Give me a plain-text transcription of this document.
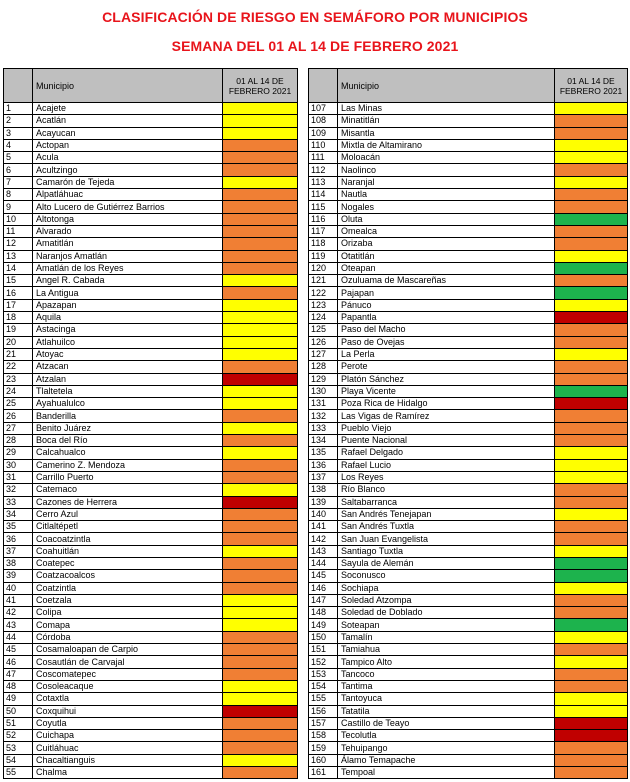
CLASIFICACIÓN DE RIESGO EN SEMÁFORO POR MUNICIPIOS
SEMANA DEL 01 AL 14 DE FEBRERO 2021
	Municipio	01 AL 14 DE FEBRERO 2021
1	Acajete	
2	Acatlán	
3	Acayucan	
4	Actopan	
5	Acula	
6	Acultzingo	
7	Camarón de Tejeda	
8	Alpatláhuac	
9	Alto Lucero de Gutiérrez Barrios	
10	Altotonga	
11	Alvarado	
12	Amatitlán	
13	Naranjos Amatlán	
14	Amatlán de los Reyes	
15	Angel R. Cabada	
16	La Antigua	
17	Apazapan	
18	Aquila	
19	Astacinga	
20	Atlahuilco	
21	Atoyac	
22	Atzacan	
23	Atzalan	
24	Tlaltetela	
25	Ayahualulco	
26	Banderilla	
27	Benito Juárez	
28	Boca del Río	
29	Calcahualco	
30	Camerino Z. Mendoza	
31	Carrillo Puerto	
32	Catemaco	
33	Cazones de Herrera	
34	Cerro Azul	
35	Citlaltépetl	
36	Coacoatzintla	
37	Coahuitlán	
38	Coatepec	
39	Coatzacoalcos	
40	Coatzintla	
41	Coetzala	
42	Colipa	
43	Comapa	
44	Córdoba	
45	Cosamaloapan de Carpio	
46	Cosautlán de Carvajal	
47	Coscomatepec	
48	Cosoleacaque	
49	Cotaxtla	
50	Coxquihui	
51	Coyutla	
52	Cuichapa	
53	Cuitláhuac	
54	Chacaltianguis	
55	Chalma	
	Municipio	01 AL 14 DE FEBRERO 2021
107	Las Minas	
108	Minatitlán	
109	Misantla	
110	Mixtla de Altamirano	
111	Moloacán	
112	Naolinco	
113	Naranjal	
114	Nautla	
115	Nogales	
116	Oluta	
117	Omealca	
118	Orizaba	
119	Otatitlán	
120	Oteapan	
121	Ozuluama de Mascareñas	
122	Pajapan	
123	Pánuco	
124	Papantla	
125	Paso del Macho	
126	Paso de Ovejas	
127	La Perla	
128	Perote	
129	Platón Sánchez	
130	Playa Vicente	
131	Poza Rica de Hidalgo	
132	Las Vigas de Ramírez	
133	Pueblo Viejo	
134	Puente Nacional	
135	Rafael Delgado	
136	Rafael Lucio	
137	Los Reyes	
138	Río Blanco	
139	Saltabarranca	
140	San Andrés Tenejapan	
141	San Andrés Tuxtla	
142	San Juan Evangelista	
143	Santiago Tuxtla	
144	Sayula de Alemán	
145	Soconusco	
146	Sochiapa	
147	Soledad Atzompa	
148	Soledad de Doblado	
149	Soteapan	
150	Tamalín	
151	Tamiahua	
152	Tampico Alto	
153	Tancoco	
154	Tantima	
155	Tantoyuca	
156	Tatatila	
157	Castillo de Teayo	
158	Tecolutla	
159	Tehuipango	
160	Álamo Temapache	
161	Tempoal	
